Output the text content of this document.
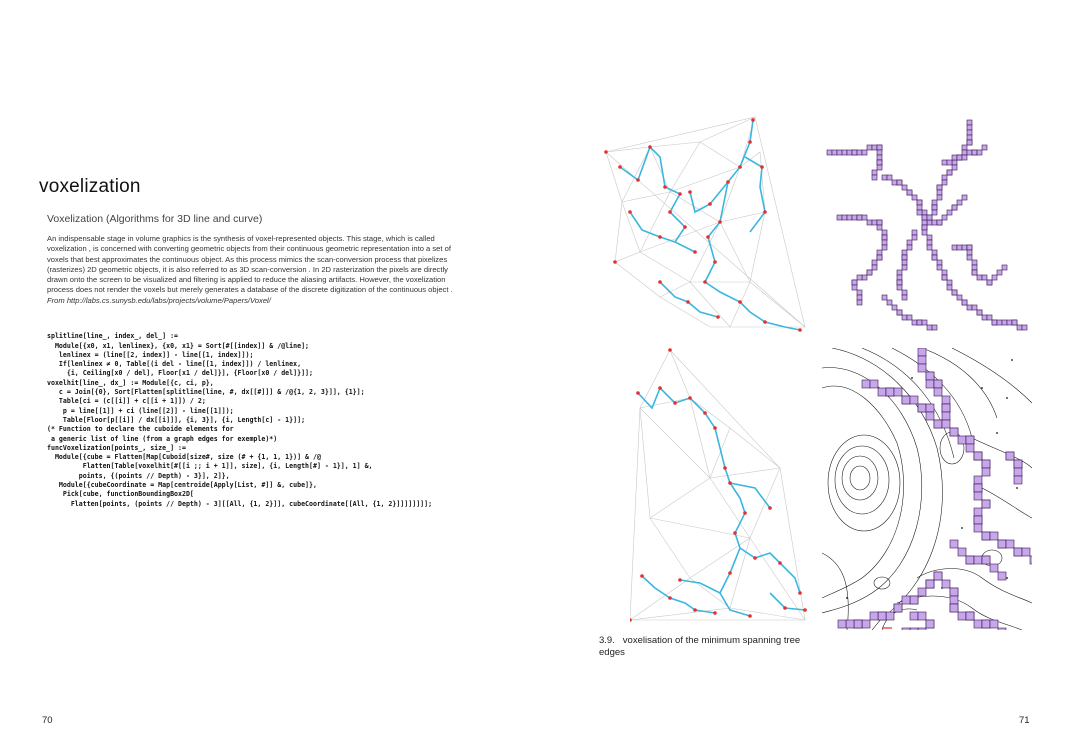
voxelization
Voxelization (Algorithms for 3D line and curve)

An indispensable stage in volume graphics is the synthesis of voxel-represented objects. This stage, which is called voxelization , is concerned with converting geometric objects from their continuous geometric representation into a set of voxels that best approximates the continuous object. As this process mimics the scan-conversion process that pixelizes (rasterizes) 2D geometric objects, it is also referred to as 3D scan-conversion . In 2D rasterization the pixels are directly drawn onto the screen to be visualized and filtering is applied to reduce the aliasing artifacts. However, the voxelization process does not render the voxels but merely generates a database of the discrete digitization of the continuous object .

From http://labs.cs.sunysb.edu/labs/projects/volume/Papers/Voxel/

splitline[line_, index_, del_] :=
Module[{x0, x1, lenlinex}, {x0, x1} = Sort[#[[index]] & /@line];
lenlinex = (line[[2, index]] - line[[1, index]]);
If[lenlinex ≠ 0, Table[(i del - line[[1, index]]) / lenlinex,
{i, Ceiling[x0 / del], Floor[x1 / del]}], {Floor[x0 / del]}]];
voxelhit[line_, dx_] := Module[{c, ci, p},
c = Join[{0}, Sort[Flatten[splitline[line, #, dx[[#]]] & /@{1, 2, 3}]], {1}];
Table[ci = (c[[i]] + c[[i + 1]]) / 2;
p = line[[1]] + ci (line[[2]] - line[[1]]);
Table[Floor[p[[i]] / dx[[i]]], {i, 3}], {i, Length[c] - 1}]];
(* Function to declare the cuboide elements for
a generic list of line (from a graph edges for exemple)*)
funcVoxelization[points_, size_] :=
Module[{cube = Flatten[Map[Cuboid[size#, size (# + {1, 1, 1})] & /@
Flatten[Table[voxelhit[#[[i ;; i + 1]], size], {i, Length[#] - 1}], 1] &,
points, {(points // Depth) - 3}], 2]},
Module[{cubeCoordinate = Map[centroide[Apply[List, #]] &, cube]},
Pick[cube, functionBoundingBox2D[
Flatten[points, (points // Depth) - 3][[All, {1, 2}]], cubeCoordinate[[All, {1, 2}]]]]]]]];

3.9. voxelisation of the minimum spanning tree edges
70	71
